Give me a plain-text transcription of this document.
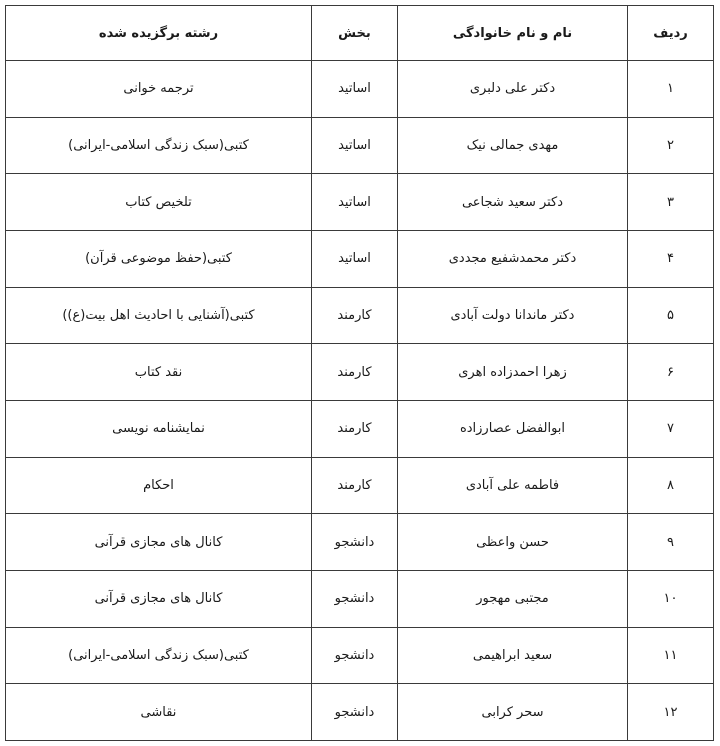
ردیف	نام و نام خانوادگی	بخش	رشته برگزیده شده
۱	دکتر علی دلبری	اساتید	ترجمه خوانی
۲	مهدی جمالی نیک	اساتید	کتبی(سبک زندگی اسلامی-ایرانی)
۳	دکتر سعید شجاعی	اساتید	تلخیص کتاب
۴	دکتر محمدشفیع مجددی	اساتید	کتبی(حفظ موضوعی قرآن)
۵	دکتر ماندانا دولت آبادی	کارمند	کتبی(آشنایی با احادیث اهل بیت(ع))
۶	زهرا احمدزاده اهری	کارمند	نقد کتاب
۷	ابوالفضل عصارزاده	کارمند	نمایشنامه نویسی
۸	فاطمه علی آبادی	کارمند	احکام
۹	حسن واعظی	دانشجو	کانال های مجازی قرآنی
۱۰	مجتبی مهجور	دانشجو	کانال های مجازی قرآنی
۱۱	سعید ابراهیمی	دانشجو	کتبی(سبک زندگی اسلامی-ایرانی)
۱۲	سحر کرابی	دانشجو	نقاشی
